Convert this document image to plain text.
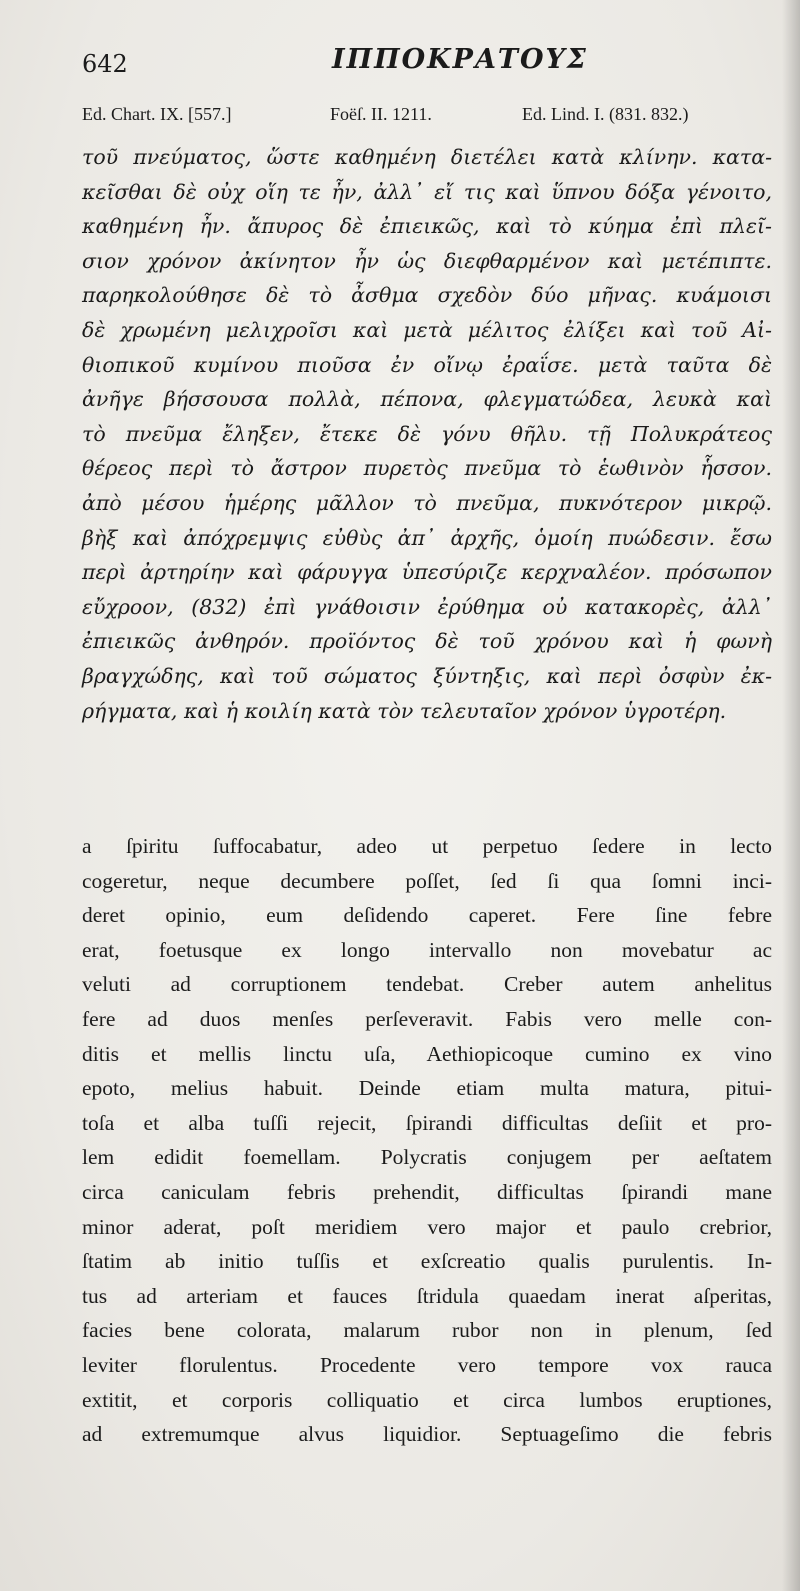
642	ΙΠΠΟΚΡΑΤΟΥΣ
Ed. Chart. IX. [557.]	Foëſ. II. 1211.	Ed. Lind. I. (831. 832.)
τοῦ πνεύματος, ὥστε καθημένη διετέλει κατὰ κλίνην. κατα-
κεῖσθαι δὲ οὐχ οἵη τε ἦν, ἀλλ᾽ εἴ τις καὶ ὕπνου δόξα γένοιτο,
καθημένη ἦν. ἄπυρος δὲ ἐπιεικῶς, καὶ τὸ κύημα ἐπὶ πλεῖ-
σιον χρόνον ἀκίνητον ἦν ὡς διεφθαρμένον καὶ μετέπιπτε.
παρηκολούθησε δὲ τὸ ἆσθμα σχεδὸν δύο μῆνας. κυάμοισι
δὲ χρωμένη μελιχροῖσι καὶ μετὰ μέλιτος ἐλίξει καὶ τοῦ Αἰ-
θιοπικοῦ κυμίνου πιοῦσα ἐν οἴνῳ ἐραΐσε. μετὰ ταῦτα δὲ
ἀνῆγε βήσσουσα πολλὰ, πέπονα, φλεγματώδεα, λευκὰ καὶ
τὸ πνεῦμα ἔληξεν, ἔτεκε δὲ γόνυ θῆλυ. τῇ Πολυκράτεος
θέρεος περὶ τὸ ἄστρον πυρετὸς πνεῦμα τὸ ἑωθινὸν ἧσσον.
ἀπὸ μέσου ἡμέρης μᾶλλον τὸ πνεῦμα, πυκνότερον μικρῷ.
βὴξ καὶ ἀπόχρεμψις εὐθὺς ἀπ᾽ ἀρχῆς, ὁμοίη πυώδεσιν. ἔσω
περὶ ἀρτηρίην καὶ φάρυγγα ὑπεσύριζε κερχναλέον. πρόσωπον
εὔχροον, (832) ἐπὶ γνάθοισιν ἐρύθημα οὐ κατακορὲς, ἀλλ᾽
ἐπιεικῶς ἀνθηρόν. προϊόντος δὲ τοῦ χρόνου καὶ ἡ φωνὴ
βραγχώδης, καὶ τοῦ σώματος ξύντηξις, καὶ περὶ ὀσφὺν ἐκ-
ρήγματα, καὶ ἡ κοιλίη κατὰ τὸν τελευταῖον χρόνον ὑγροτέρη.
a ſpiritu ſuffocabatur, adeo ut perpetuo ſedere in lecto
cogeretur, neque decumbere poſſet, ſed ſi qua ſomni inci-
deret opinio, eum deſidendo caperet. Fere ſine febre
erat, foetusque ex longo intervallo non movebatur ac
veluti ad corruptionem tendebat. Creber autem anhelitus
fere ad duos menſes perſeveravit. Fabis vero melle con-
ditis et mellis linctu uſa, Aethiopicoque cumino ex vino
epoto, melius habuit. Deinde etiam multa matura, pitui-
toſa et alba tuſſi rejecit, ſpirandi difficultas deſiit et pro-
lem edidit foemellam. Polycratis conjugem per aeſtatem
circa caniculam febris prehendit, difficultas ſpirandi mane
minor aderat, poſt meridiem vero major et paulo crebrior,
ſtatim ab initio tuſſis et exſcreatio qualis purulentis. In-
tus ad arteriam et fauces ſtridula quaedam inerat aſperitas,
facies bene colorata, malarum rubor non in plenum, ſed
leviter florulentus. Procedente vero tempore vox rauca
extitit, et corporis colliquatio et circa lumbos eruptiones,
ad extremumque alvus liquidior. Septuageſimo die febris
